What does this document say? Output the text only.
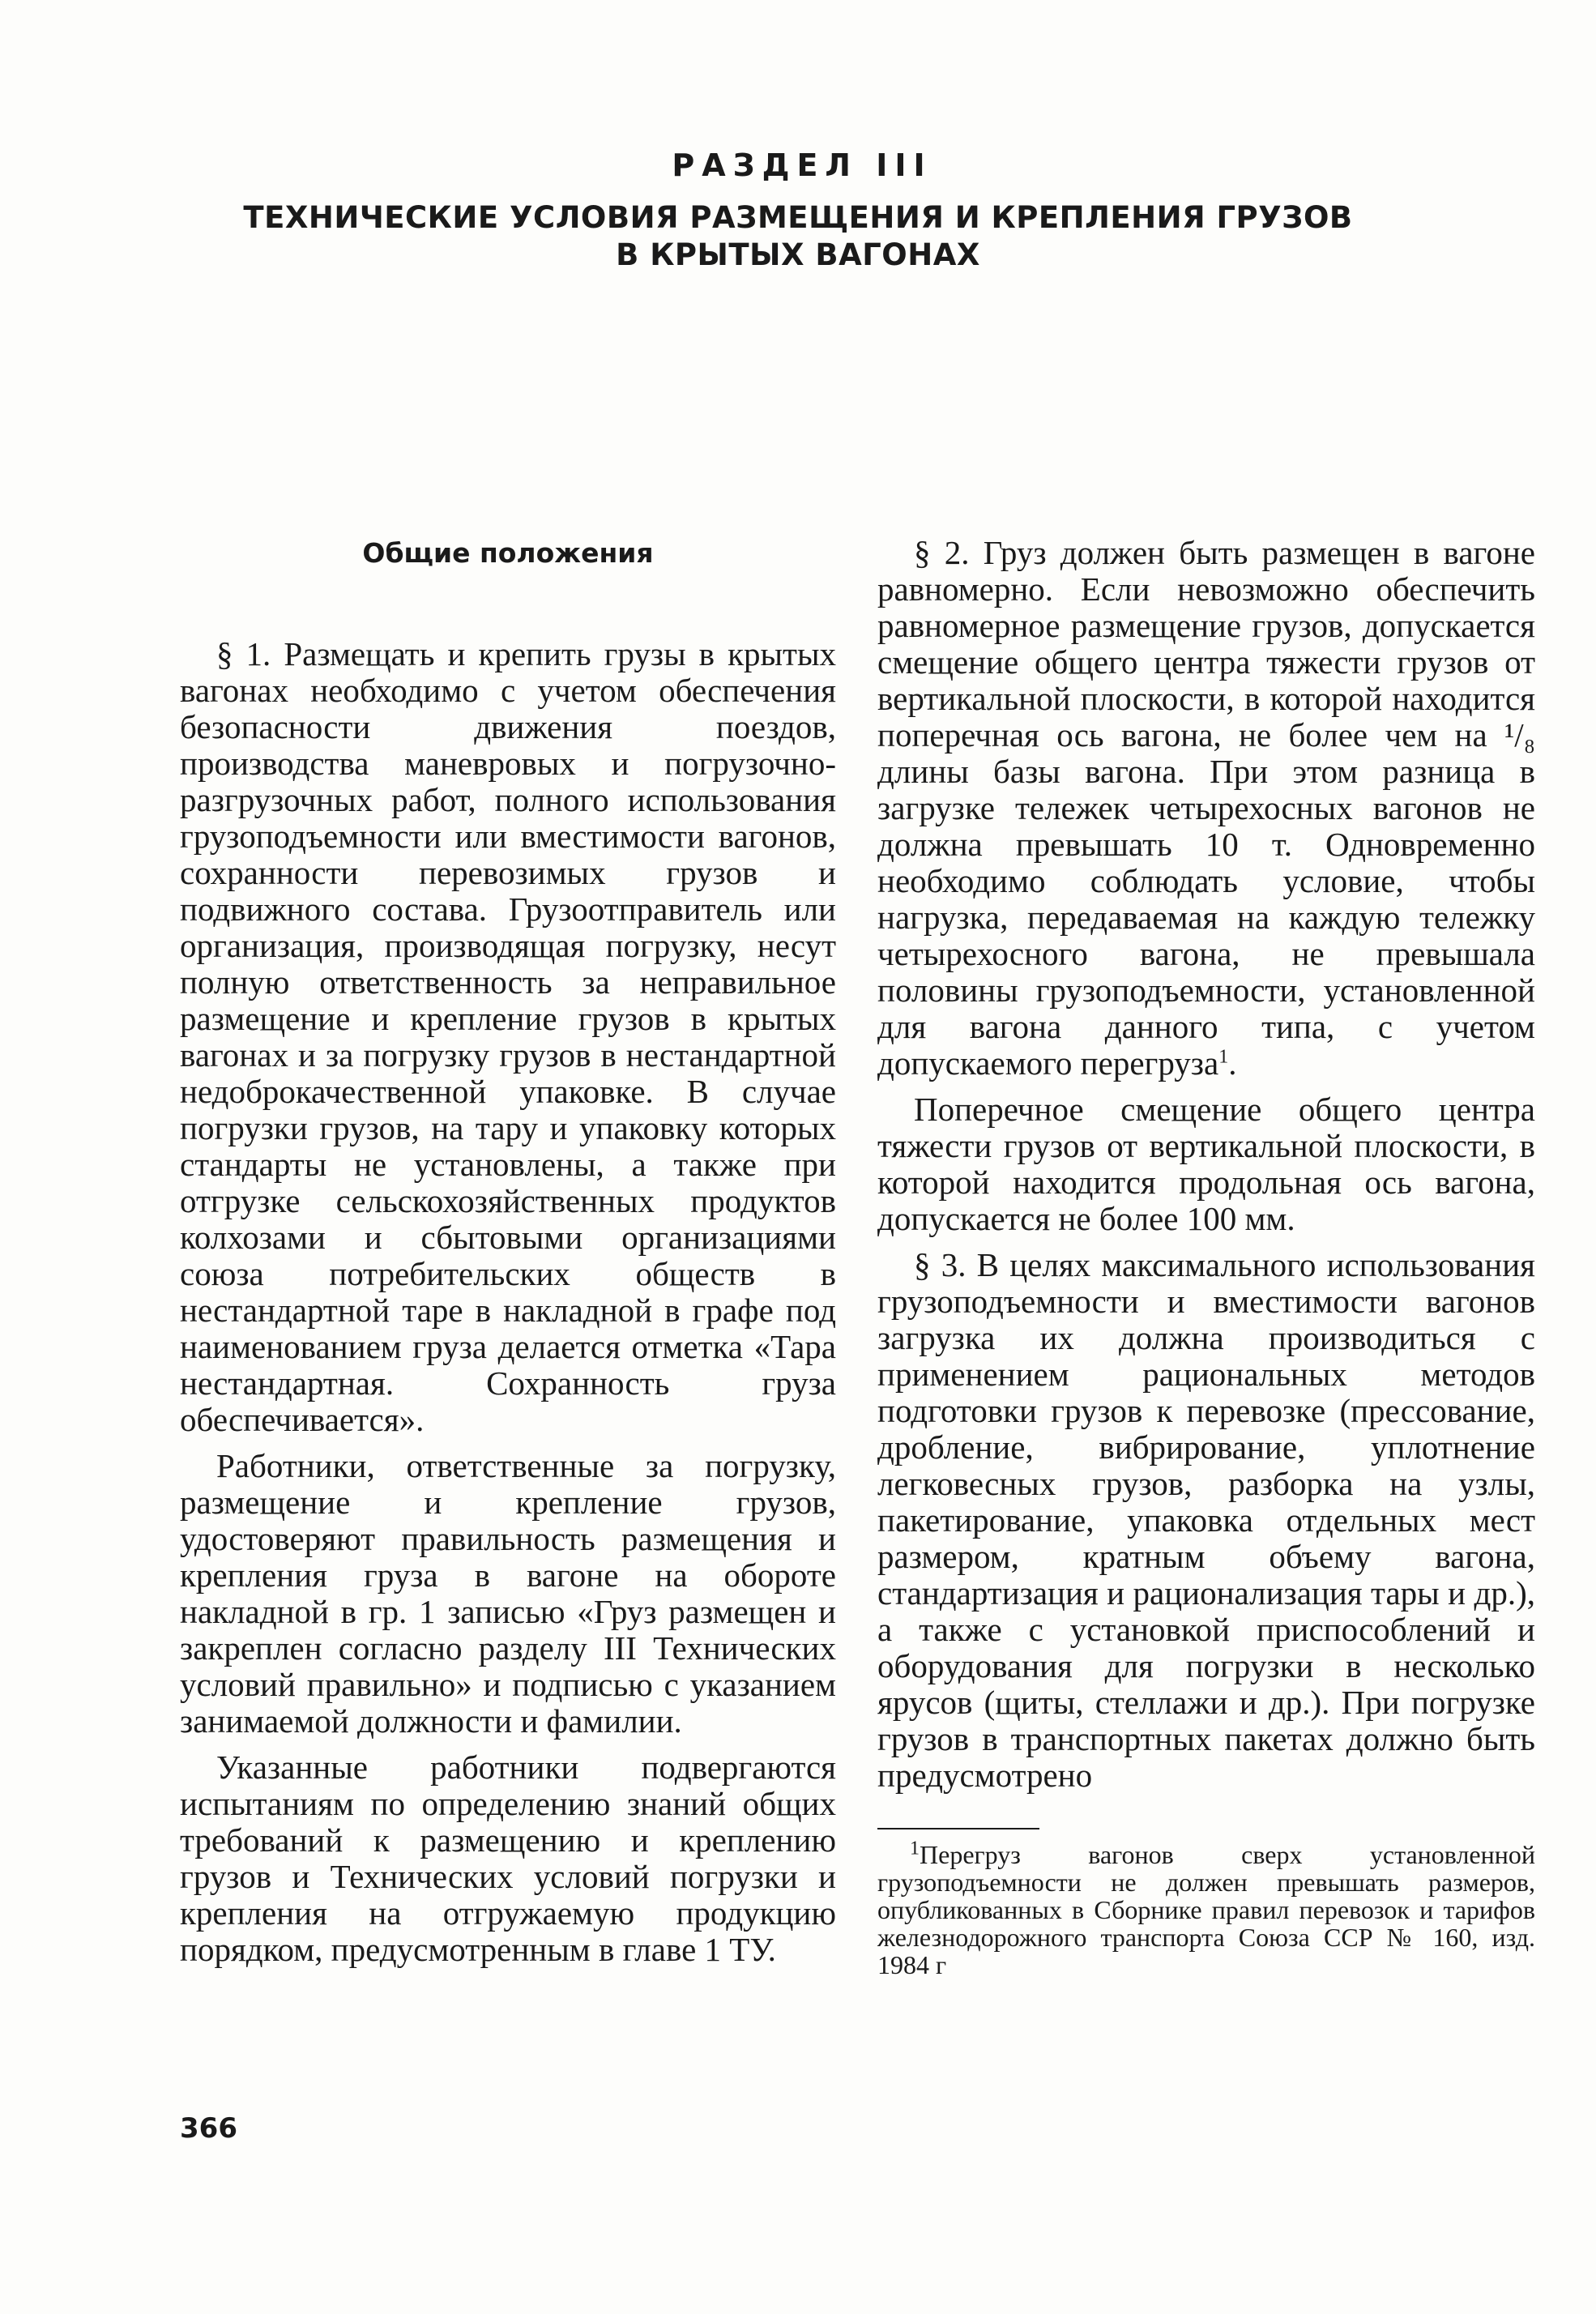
РАЗДЕЛ III
ТЕХНИЧЕСКИЕ УСЛОВИЯ РАЗМЕЩЕНИЯ И КРЕПЛЕНИЯ ГРУЗОВ
В КРЫТЫХ ВАГОНАХ
Общие положения

§ 1. Размещать и крепить грузы в крытых вагонах необходимо с учетом обеспечения безопасности движения поездов, производства маневровых и погрузочно-разгрузочных работ, полного использования грузоподъемности или вместимости вагонов, сохранности перевозимых грузов и подвижного состава. Грузоотправитель или организация, производящая погрузку, несут полную ответственность за неправильное размещение и крепление грузов в крытых вагонах и за погрузку грузов в нестандартной недоброкачественной упаковке. В случае погрузки грузов, на тару и упаковку которых стандарты не установлены, а также при отгрузке сельскохозяйственных продуктов колхозами и сбытовыми организациями союза потребительских обществ в нестандартной таре в накладной в графе под наименованием груза делается отметка «Тара нестандартная. Сохранность груза обеспечивается».

Работники, ответственные за погрузку, размещение и крепление грузов, удостоверяют правильность размещения и крепления груза в вагоне на обороте накладной в гр. 1 записью «Груз размещен и закреплен согласно разделу III Технических условий правильно» и подписью с указанием занимаемой должности и фамилии.

Указанные работники подвергаются испытаниям по определению знаний общих требований к размещению и креплению грузов и Технических условий погрузки и крепления на отгружаемую продукцию порядком, предусмотренным в главе 1 ТУ.

§ 2. Груз должен быть размещен в вагоне равномерно. Если невозможно обеспечить равномерное размещение грузов, допускается смещение общего центра тяжести грузов от вертикальной плоскости, в которой находится поперечная ось вагона, не более чем на ¹/₈ длины базы вагона. При этом разница в загрузке тележек четырехосных вагонов не должна превышать 10 т. Одновременно необходимо соблюдать условие, чтобы нагрузка, передаваемая на каждую тележку четырехосного вагона, не превышала половины грузоподъемности, установленной для вагона данного типа, с учетом допускаемого перегруза$^1$.

Поперечное смещение общего центра тяжести грузов от вертикальной плоскости, в которой находится продольная ось вагона, допускается не более 100 мм.

§ 3. В целях максимального использования грузоподъемности и вместимости вагонов загрузка их должна производиться с применением рациональных методов подготовки грузов к перевозке (прессование, дробление, вибрирование, уплотнение легковесных грузов, разборка на узлы, пакетирование, упаковка отдельных мест размером, кратным объему вагона, стандартизация и рационализация тары и др.), а также с установкой приспособлений и оборудования для погрузки в несколько ярусов (щиты, стеллажи и др.). При погрузке грузов в транспортных пакетах должно быть предусмотрено

$^1$Перегруз вагонов сверх установленной грузоподъемности не должен превышать размеров, опубликованных в Сборнике правил перевозок и тарифов железнодорожного транспорта Союза ССР № 160, изд. 1984 г

366
